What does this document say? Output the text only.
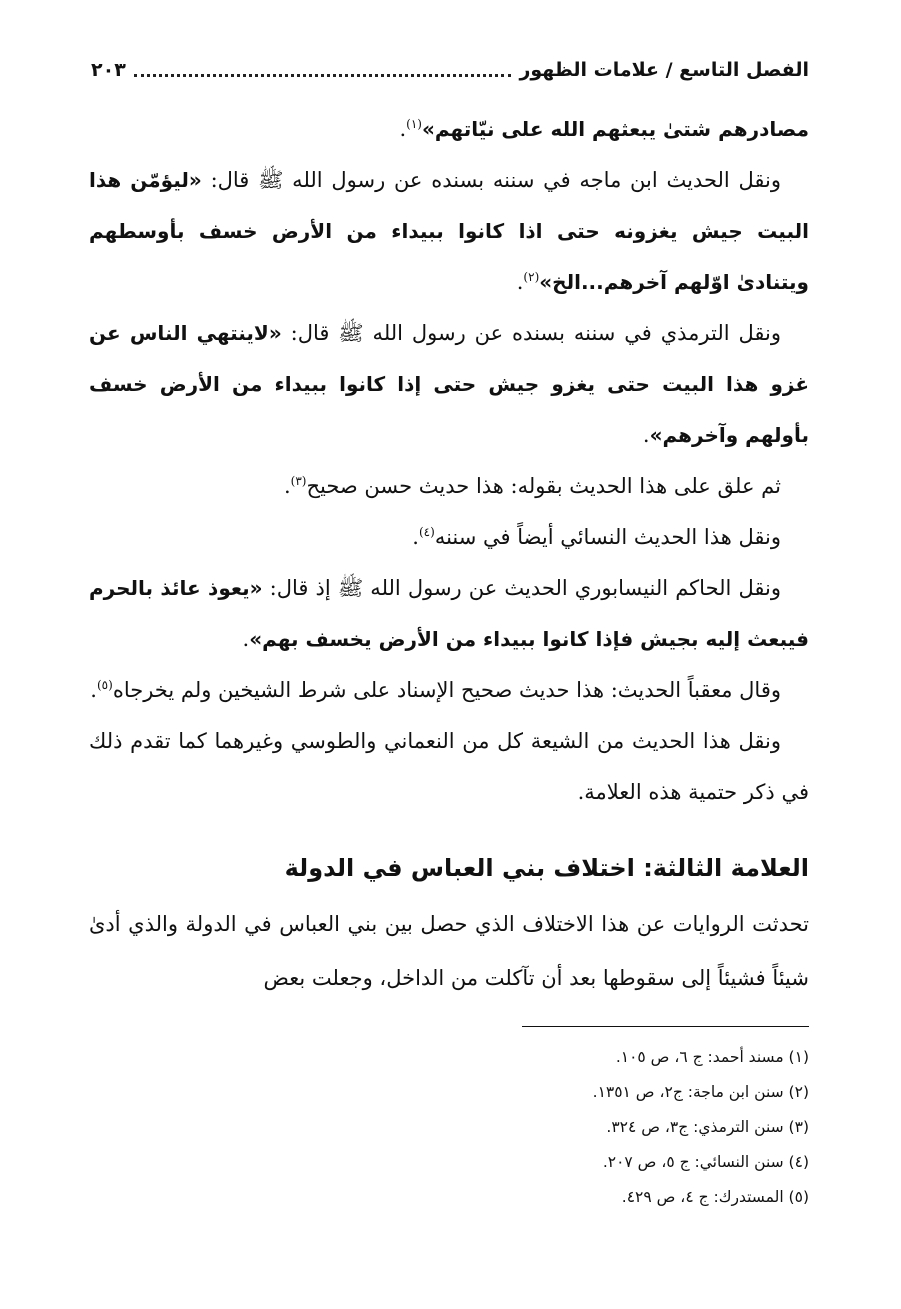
الفصل التاسع / علامات الظهور
٢٠٣

مصادرهم شتىٰ يبعثهم الله على نيّاتهم»$^{(١)}$.

ونقل الحديث ابن ماجه في سننه بسنده عن رسول الله ﷺ قال: «ليؤمّن هذا البيت جيش يغزونه حتى اذا كانوا ببيداء من الأرض خسف بأوسطهم ويتنادىٰ اوّلهم آخرهم...الخ»$^{(٢)}$.

ونقل الترمذي في سننه بسنده عن رسول الله ﷺ قال: «لاينتهي الناس عن غزو هذا البيت حتى يغزو جيش حتى إذا كانوا ببيداء من الأرض خسف بأولهم وآخرهم».

ثم علق على هذا الحديث بقوله: هذا حديث حسن صحيح$^{(٣)}$.

ونقل هذا الحديث النسائي أيضاً في سننه$^{(٤)}$.

ونقل الحاكم النيسابوري الحديث عن رسول الله ﷺ إذ قال: «يعوذ عائذ بالحرم فيبعث إليه بجيش فإذا كانوا ببيداء من الأرض يخسف بهم».

وقال معقباً الحديث: هذا حديث صحيح الإسناد على شرط الشيخين ولم يخرجاه$^{(٥)}$.

ونقل هذا الحديث من الشيعة كل من النعماني والطوسي وغيرهما كما تقدم ذلك في ذكر حتمية هذه العلامة.

العلامة الثالثة: اختلاف بني العباس في الدولة

تحدثت الروايات عن هذا الاختلاف الذي حصل بين بني العباس في الدولة والذي أدىٰ شيئاً فشيئاً إلى سقوطها بعد أن تآكلت من الداخل، وجعلت بعض

(١) مسند أحمد: ج ٦، ص ١٠٥.
(٢) سنن ابن ماجة: ج٢، ص ١٣٥١.
(٣) سنن الترمذي: ج٣، ص ٣٢٤.
(٤) سنن النسائي: ج ٥، ص ٢٠٧.
(٥) المستدرك: ج ٤، ص ٤٢٩.
